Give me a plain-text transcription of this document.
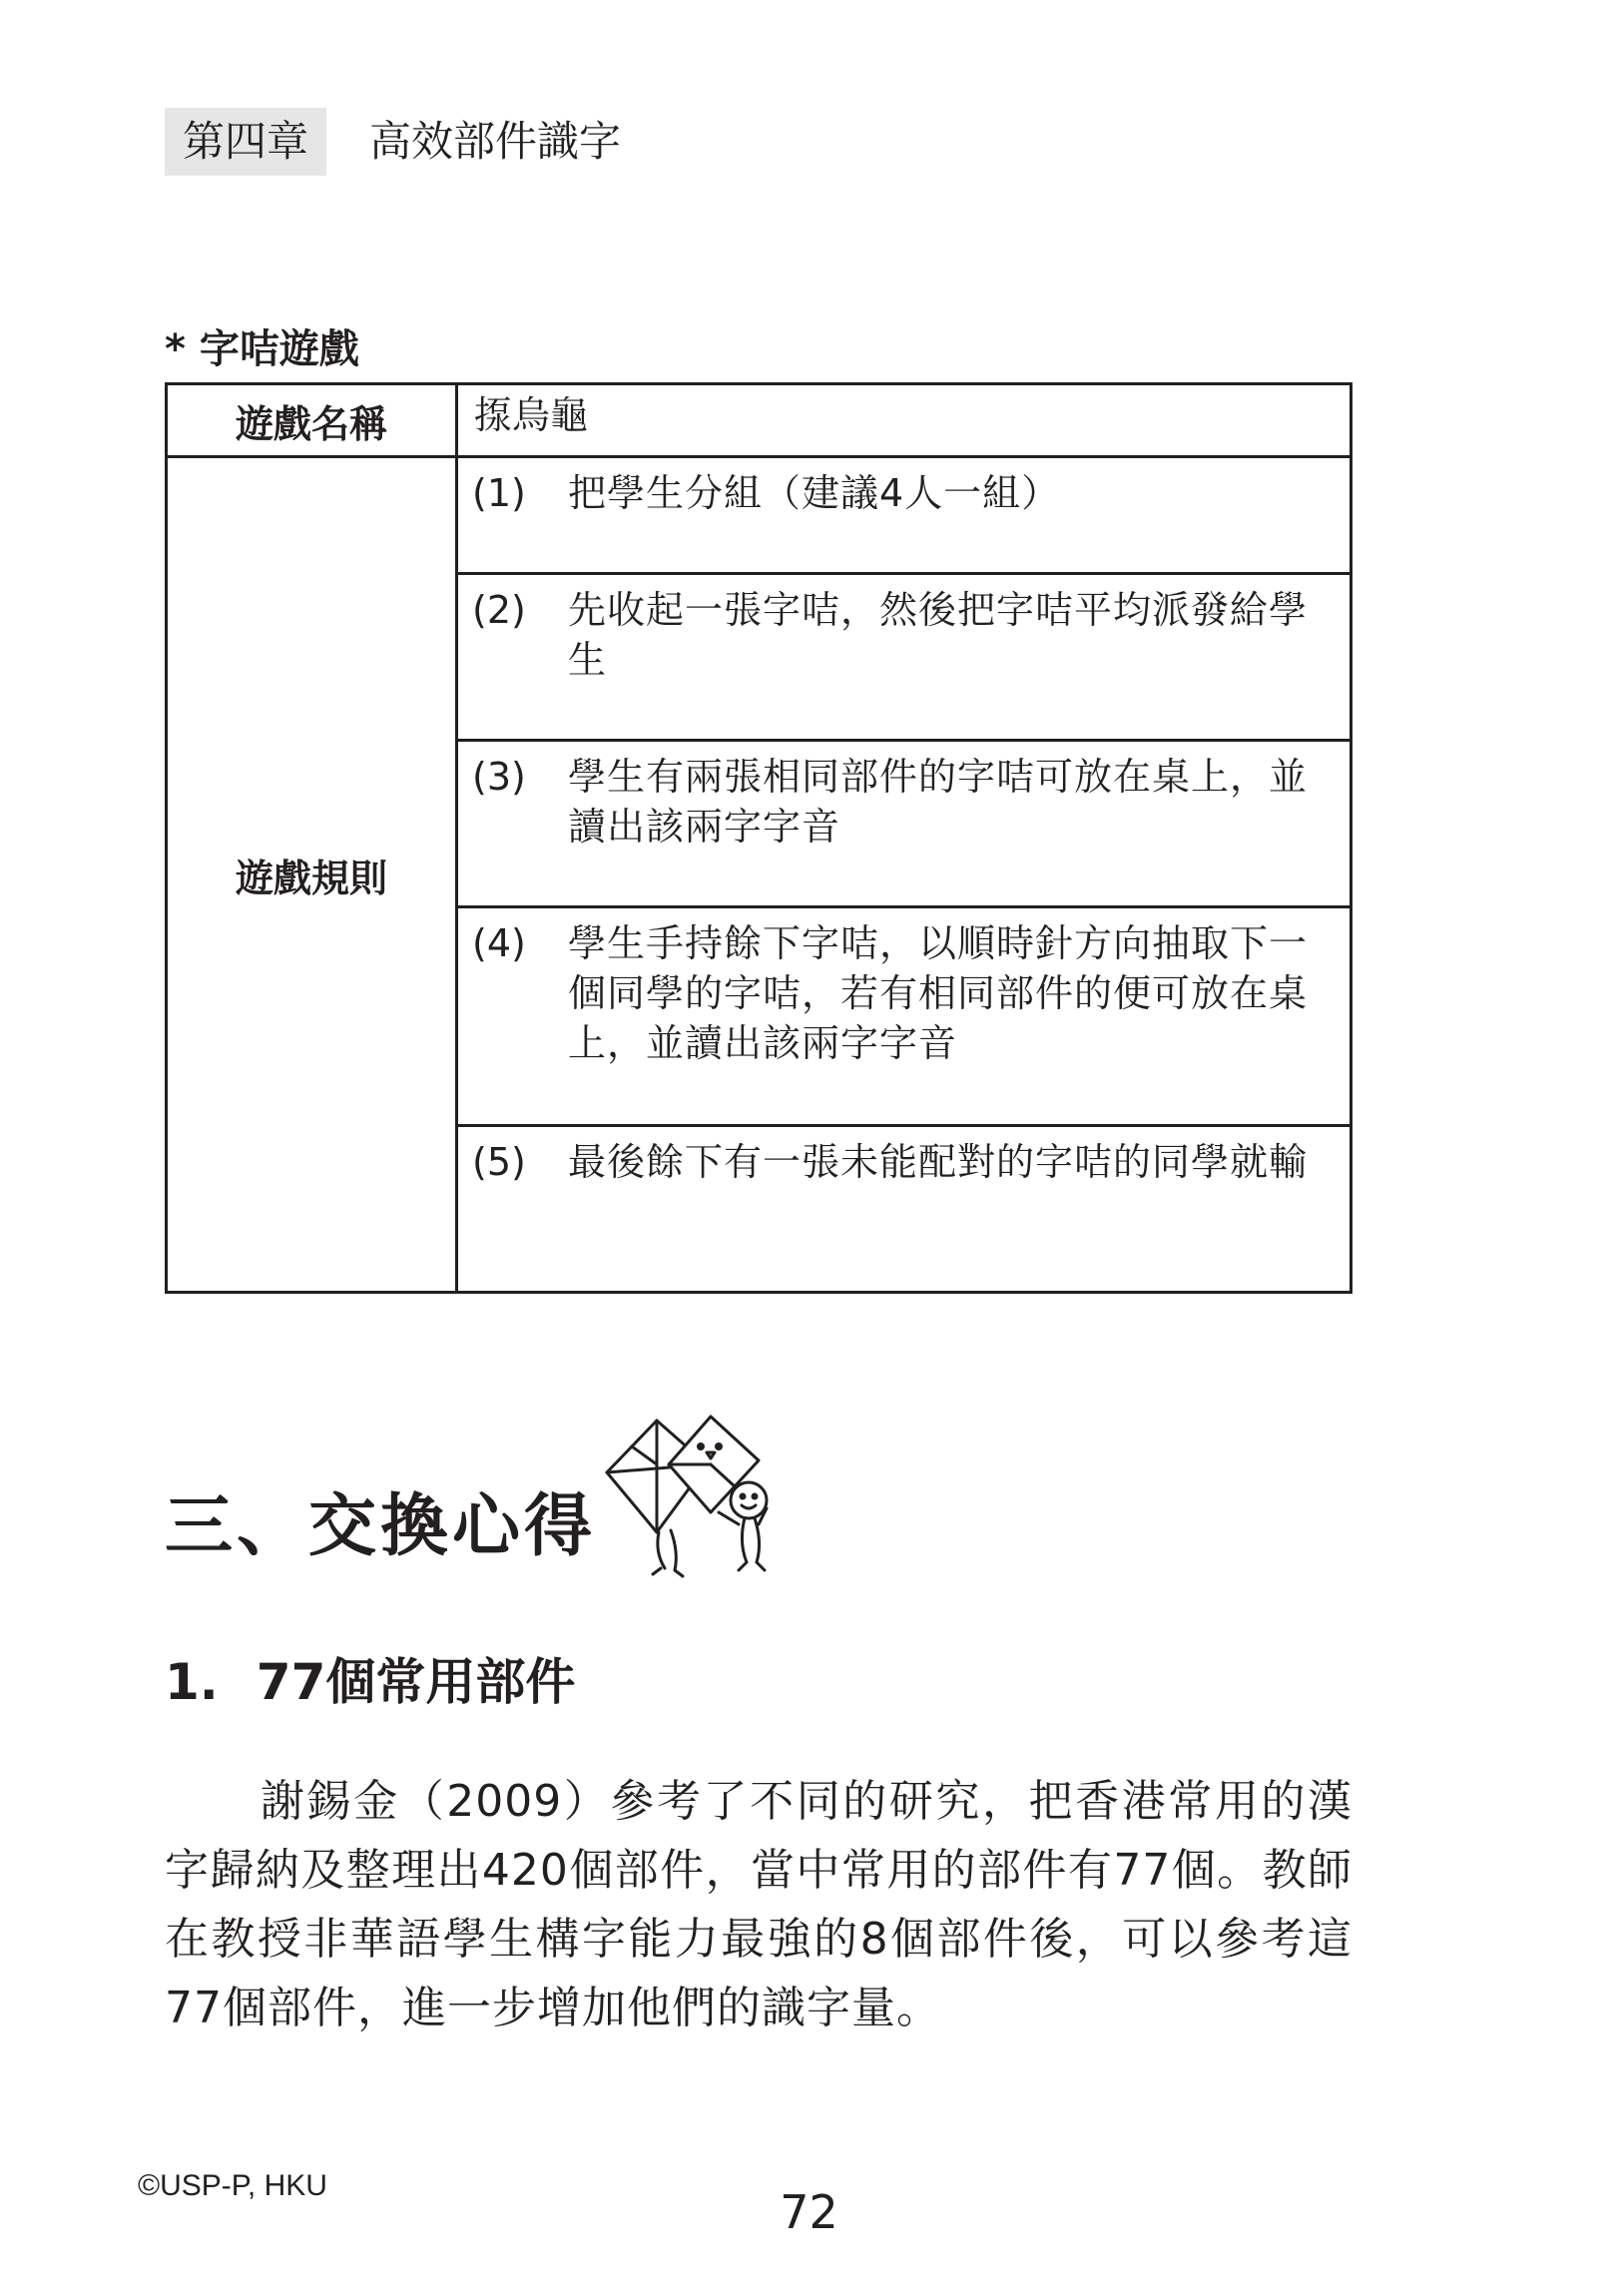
第四章	高效部件識字
* 字咭遊戲
遊戲名稱	揼烏龜
遊戲規則	(1) 把學生分組（建議4人一組）

	(2) 先收起一張字咭，然後把字咭平均派發給學生

	(3) 學生有兩張相同部件的字咭可放在桌上，並讀出該兩字字音

	(4) 學生手持餘下字咭，以順時針方向抽取下一個同學的字咭，若有相同部件的便可放在桌上，並讀出該兩字字音

	(5) 最後餘下有一張未能配對的字咭的同學就輸
三、交換心得
1. 77個常用部件

謝錫金（2009）參考了不同的研究，把香港常用的漢字歸納及整理出420個部件，當中常用的部件有77個。教師在教授非華語學生構字能力最強的8個部件後，可以參考這77個部件，進一步增加他們的識字量。

©USP-P, HKU	72
